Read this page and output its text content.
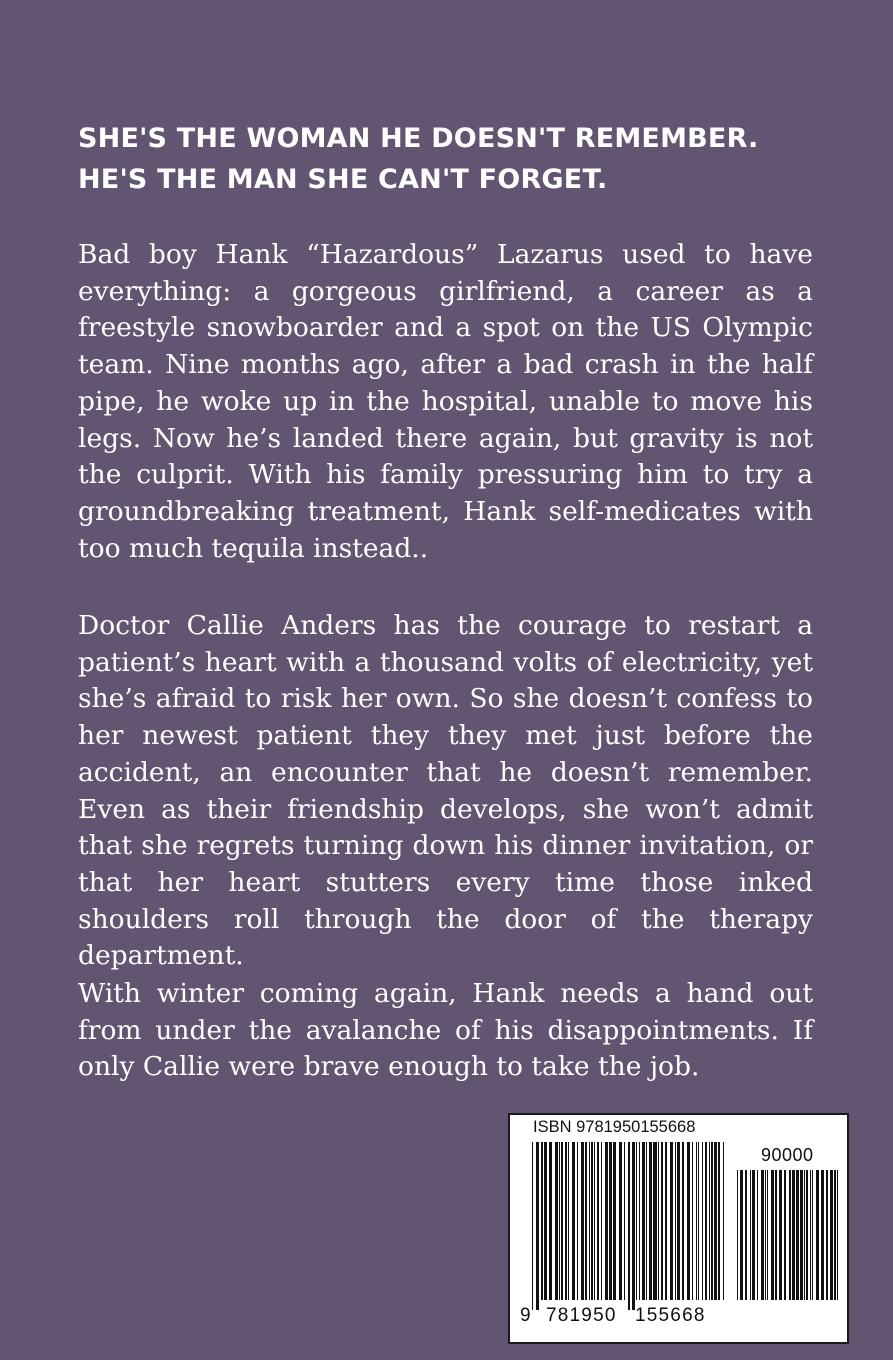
SHE'S THE WOMAN HE DOESN'T REMEMBER. HE'S THE MAN SHE CAN'T FORGET.

Bad boy Hank “Hazardous” Lazarus used to have everything: a gorgeous girlfriend, a career as a freestyle snowboarder and a spot on the US Olympic team. Nine months ago, after a bad crash in the half pipe, he woke up in the hospital, unable to move his legs. Now he’s landed there again, but gravity is not the culprit. With his family pressuring him to try a groundbreaking treatment, Hank self-medicates with too much tequila instead..

Doctor Callie Anders has the courage to restart a patient’s heart with a thousand volts of electricity, yet she’s afraid to risk her own. So she doesn’t confess to her newest patient they they met just before the accident, an encounter that he doesn’t remember. Even as their friendship develops, she won’t admit that she regrets turning down his dinner invitation, or that her heart stutters every time those inked shoulders roll through the door of the therapy department.

With winter coming again, Hank needs a hand out from under the avalanche of his disappointments. If only Callie were brave enough to take the job.

ISBN 9781950155668
90000
9 781950 155668
